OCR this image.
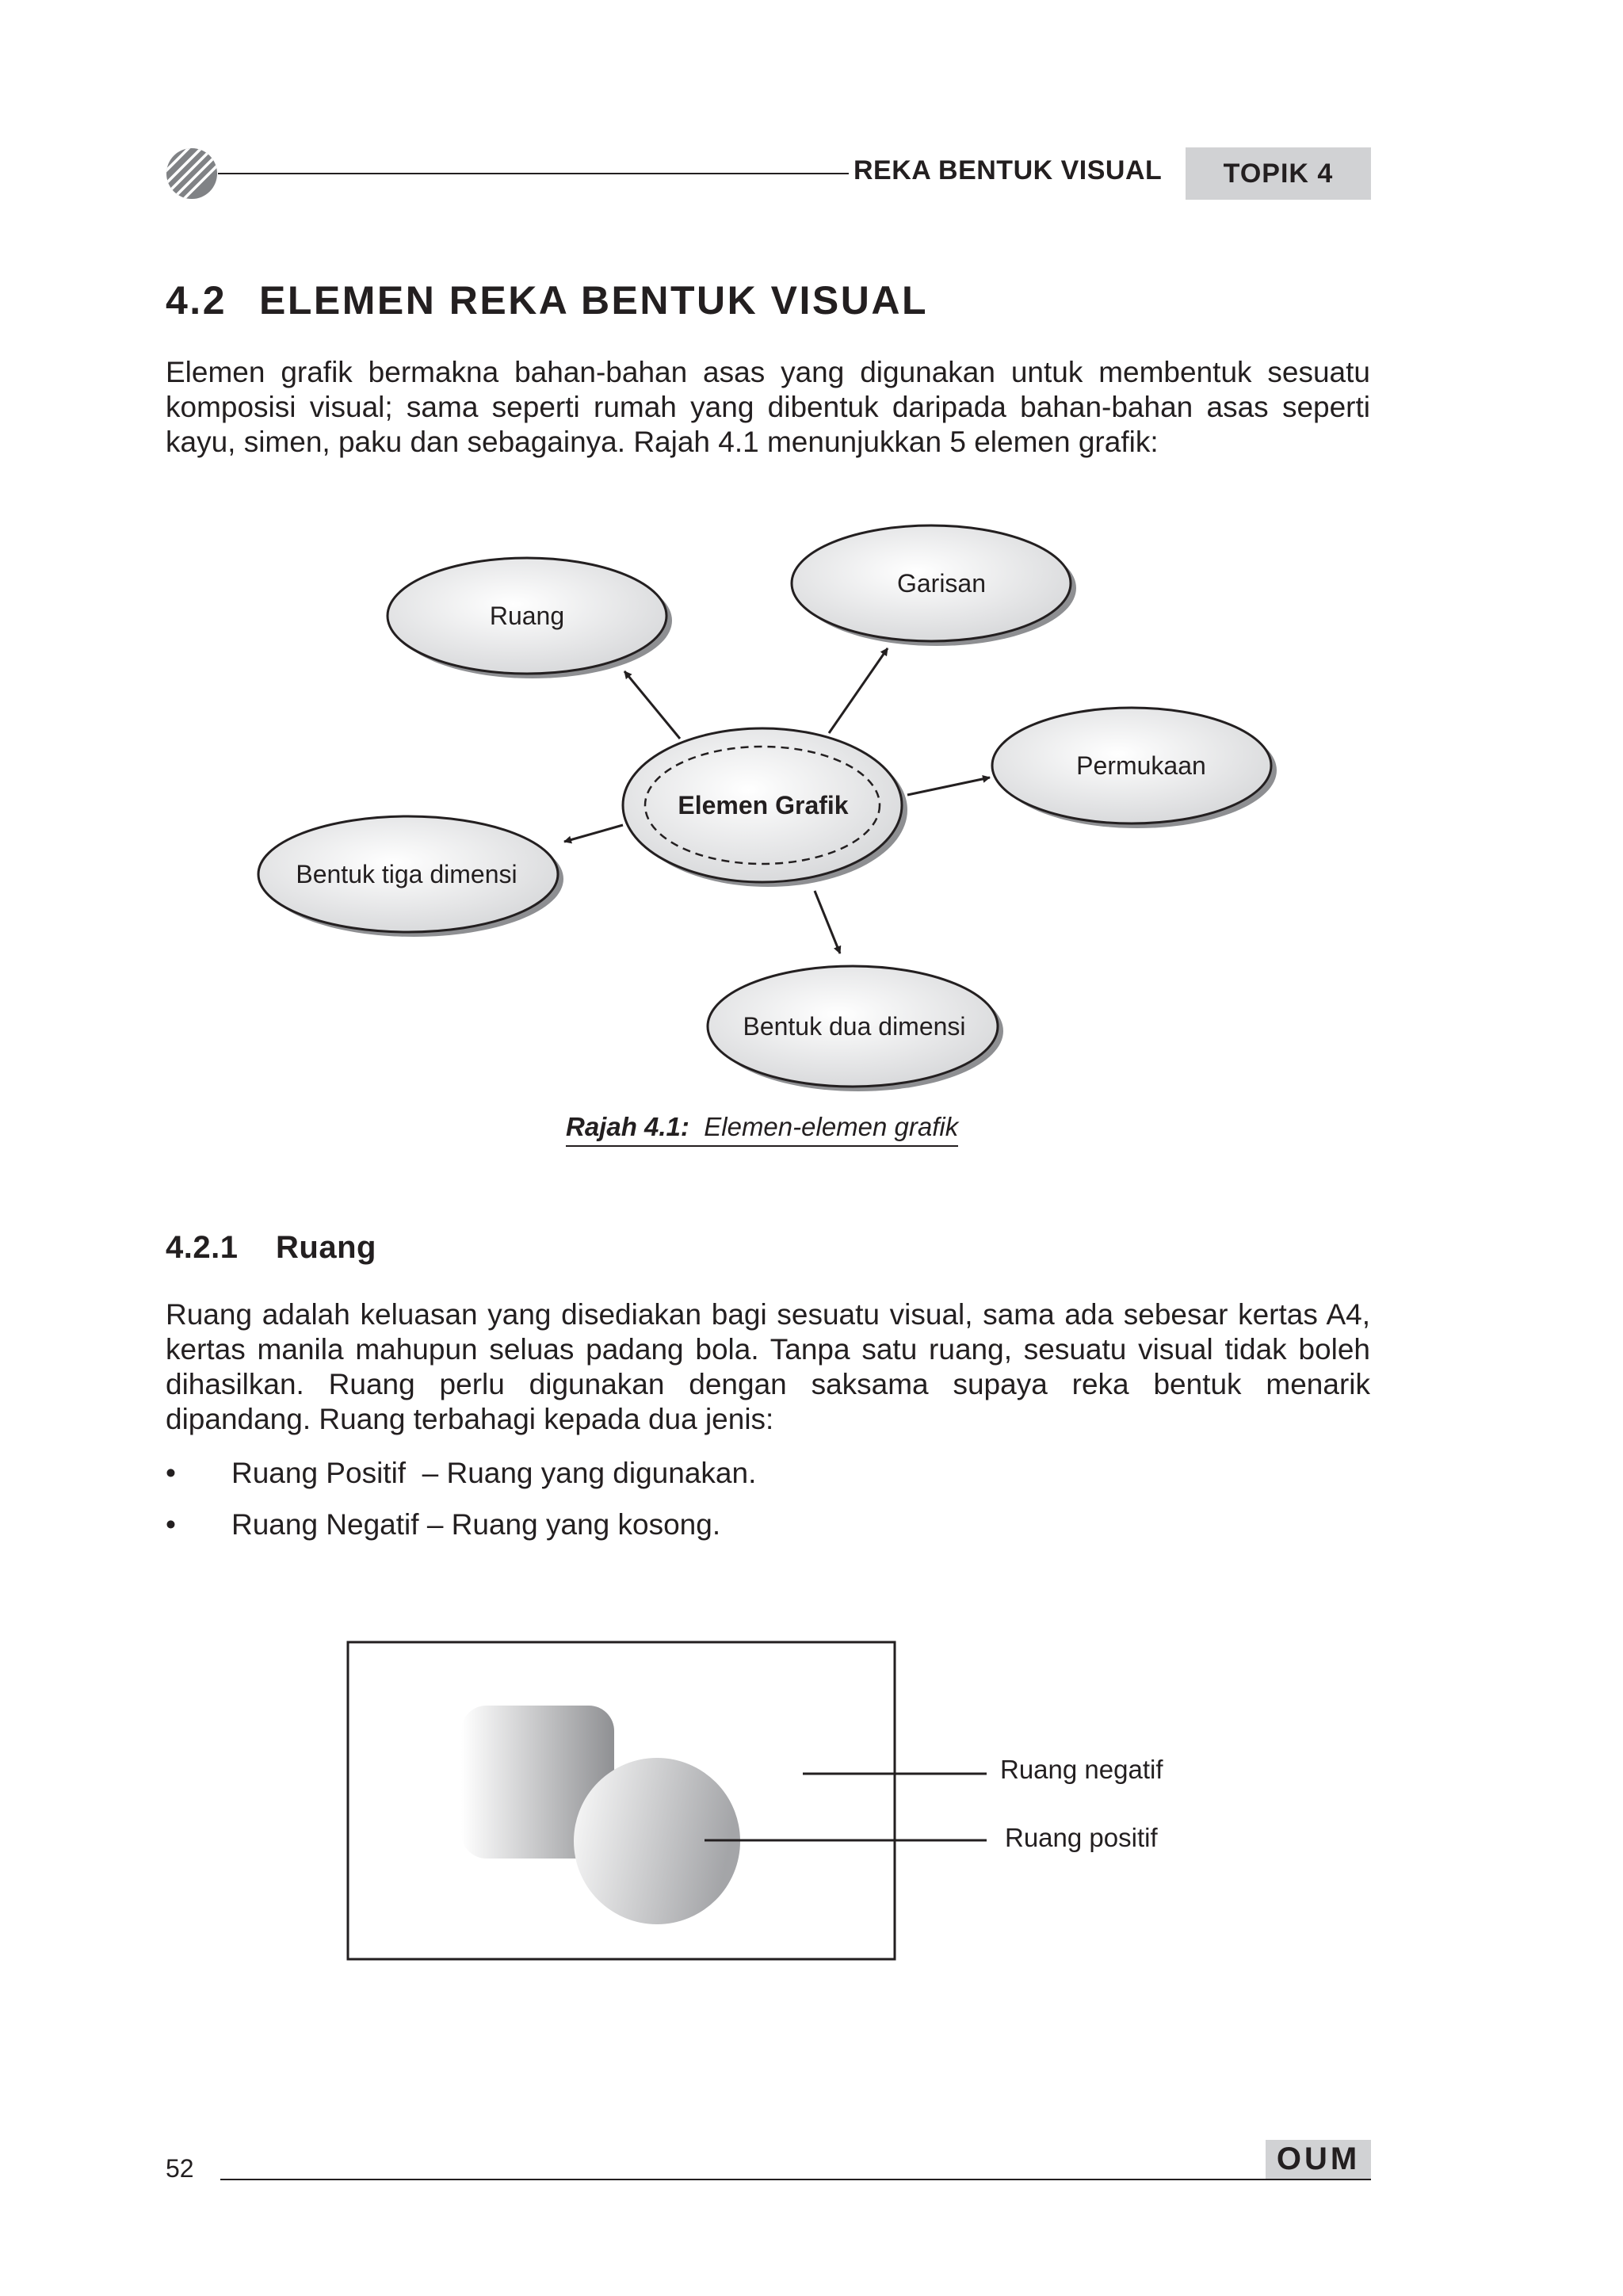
REKA BENTUK VISUAL	TOPIK 4
4.2 ELEMEN REKA BENTUK VISUAL
Elemen grafik bermakna bahan-bahan asas yang digunakan untuk membentuk sesuatu komposisi visual; sama seperti rumah yang dibentuk daripada bahan-bahan asas seperti kayu, simen, paku dan sebagainya. Rajah 4.1 menunjukkan 5 elemen grafik:
Ruang
Garisan
Permukaan
Bentuk tiga dimensi
Bentuk dua dimensi
Elemen Grafik
Rajah 4.1: Elemen-elemen grafik
4.2.1 Ruang
Ruang adalah keluasan yang disediakan bagi sesuatu visual, sama ada sebesar kertas A4, kertas manila mahupun seluas padang bola. Tanpa satu ruang, sesuatu visual tidak boleh dihasilkan. Ruang perlu digunakan dengan saksama supaya reka bentuk menarik dipandang. Ruang terbahagi kepada dua jenis:
• Ruang Positif  – Ruang yang digunakan.
• Ruang Negatif – Ruang yang kosong.
Ruang negatif
Ruang positif
52	OUM
